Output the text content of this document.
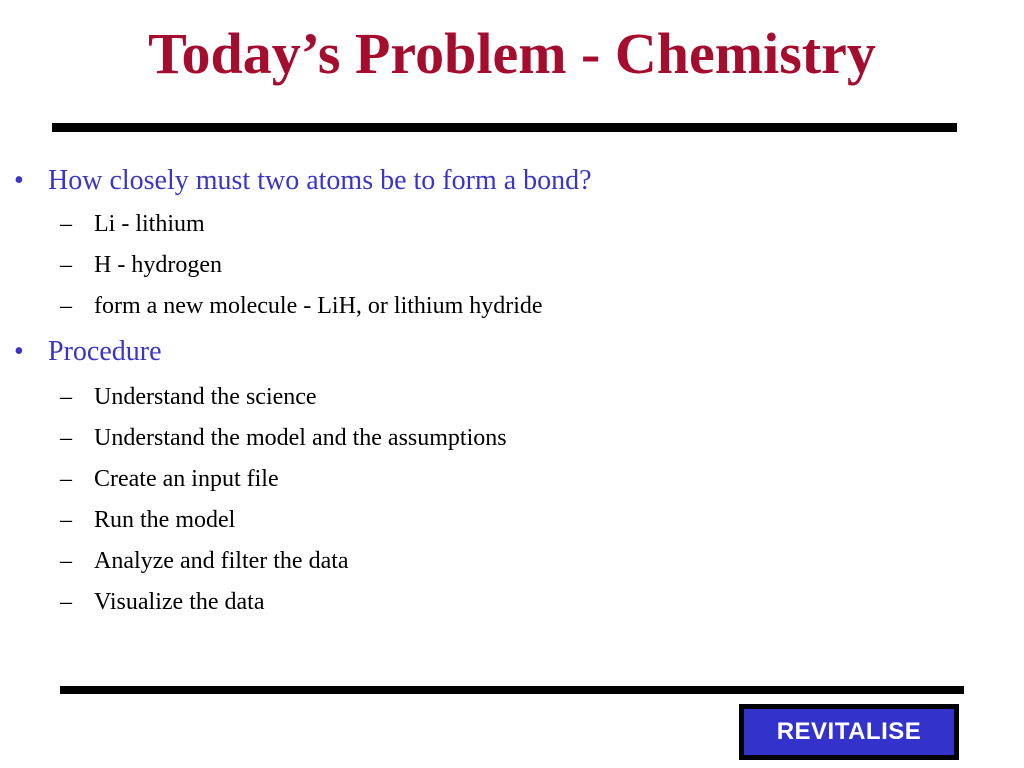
Today’s Problem - Chemistry
• How closely must two atoms be to form a bond?
– Li - lithium
– H - hydrogen
– form a new molecule - LiH, or lithium hydride
• Procedure
– Understand the science
– Understand the model and the assumptions
– Create an input file
– Run the model
– Analyze and filter the data
– Visualize the data
REVITALISE
